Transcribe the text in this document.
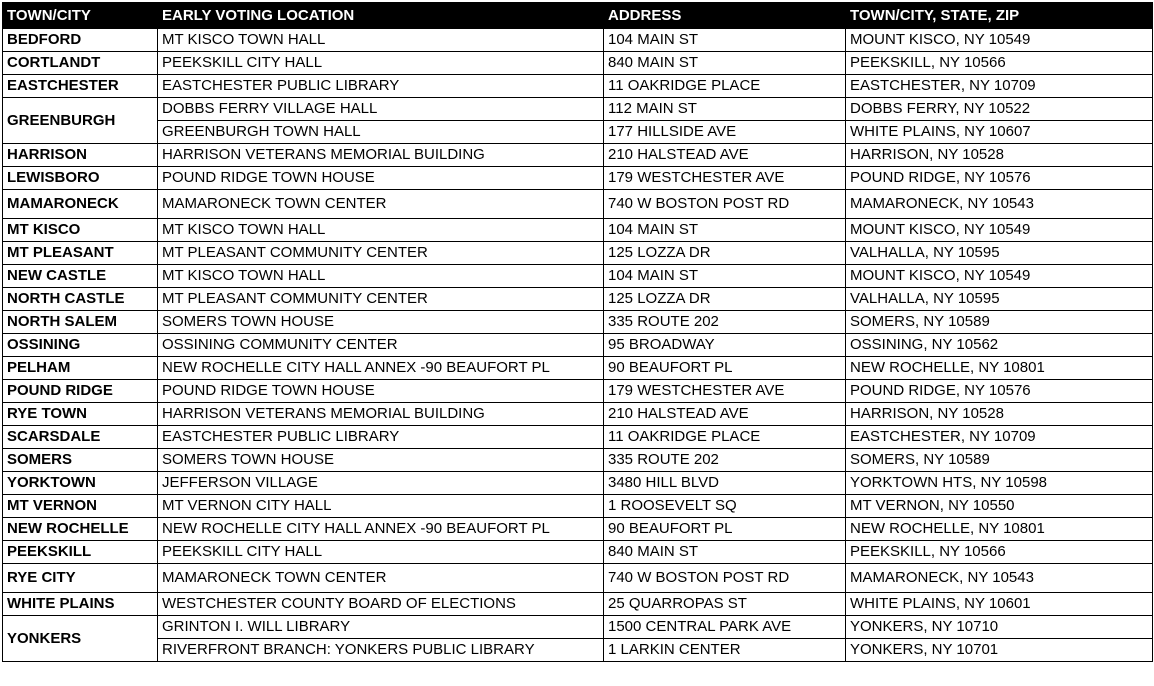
TOWN/CITY	EARLY VOTING LOCATION	ADDRESS	TOWN/CITY, STATE, ZIP
BEDFORD	MT KISCO TOWN HALL	104 MAIN ST	MOUNT KISCO, NY 10549
CORTLANDT	PEEKSKILL CITY HALL	840 MAIN ST	PEEKSKILL, NY 10566
EASTCHESTER	EASTCHESTER PUBLIC LIBRARY	11 OAKRIDGE PLACE	EASTCHESTER, NY 10709
GREENBURGH	DOBBS FERRY VILLAGE HALL	112 MAIN ST	DOBBS FERRY, NY 10522
	GREENBURGH TOWN HALL	177 HILLSIDE AVE	WHITE PLAINS, NY 10607
HARRISON	HARRISON VETERANS MEMORIAL BUILDING	210 HALSTEAD AVE	HARRISON, NY 10528
LEWISBORO	POUND RIDGE TOWN HOUSE	179 WESTCHESTER AVE	POUND RIDGE, NY 10576
MAMARONECK	MAMARONECK TOWN CENTER	740 W BOSTON POST RD	MAMARONECK, NY 10543
MT KISCO	MT KISCO TOWN HALL	104 MAIN ST	MOUNT KISCO, NY 10549
MT PLEASANT	MT PLEASANT COMMUNITY CENTER	125 LOZZA DR	VALHALLA, NY 10595
NEW CASTLE	MT KISCO TOWN HALL	104 MAIN ST	MOUNT KISCO, NY 10549
NORTH CASTLE	MT PLEASANT COMMUNITY CENTER	125 LOZZA DR	VALHALLA, NY 10595
NORTH SALEM	SOMERS TOWN HOUSE	335 ROUTE 202	SOMERS, NY 10589
OSSINING	OSSINING COMMUNITY CENTER	95 BROADWAY	OSSINING, NY 10562
PELHAM	NEW ROCHELLE CITY HALL ANNEX -90 BEAUFORT PL	90 BEAUFORT PL	NEW ROCHELLE, NY 10801
POUND RIDGE	POUND RIDGE TOWN HOUSE	179 WESTCHESTER AVE	POUND RIDGE, NY 10576
RYE TOWN	HARRISON VETERANS MEMORIAL BUILDING	210 HALSTEAD AVE	HARRISON, NY 10528
SCARSDALE	EASTCHESTER PUBLIC LIBRARY	11 OAKRIDGE PLACE	EASTCHESTER, NY 10709
SOMERS	SOMERS TOWN HOUSE	335 ROUTE 202	SOMERS, NY 10589
YORKTOWN	JEFFERSON VILLAGE	3480 HILL BLVD	YORKTOWN HTS, NY 10598
MT VERNON	MT VERNON CITY HALL	1 ROOSEVELT SQ	MT VERNON, NY 10550
NEW ROCHELLE	NEW ROCHELLE CITY HALL ANNEX -90 BEAUFORT PL	90 BEAUFORT PL	NEW ROCHELLE, NY 10801
PEEKSKILL	PEEKSKILL CITY HALL	840 MAIN ST	PEEKSKILL, NY 10566
RYE CITY	MAMARONECK TOWN CENTER	740 W BOSTON POST RD	MAMARONECK, NY 10543
WHITE PLAINS	WESTCHESTER COUNTY BOARD OF ELECTIONS	25 QUARROPAS ST	WHITE PLAINS, NY 10601
YONKERS	GRINTON I. WILL LIBRARY	1500 CENTRAL PARK AVE	YONKERS, NY 10710
	RIVERFRONT BRANCH: YONKERS PUBLIC LIBRARY	1 LARKIN CENTER	YONKERS, NY 10701
